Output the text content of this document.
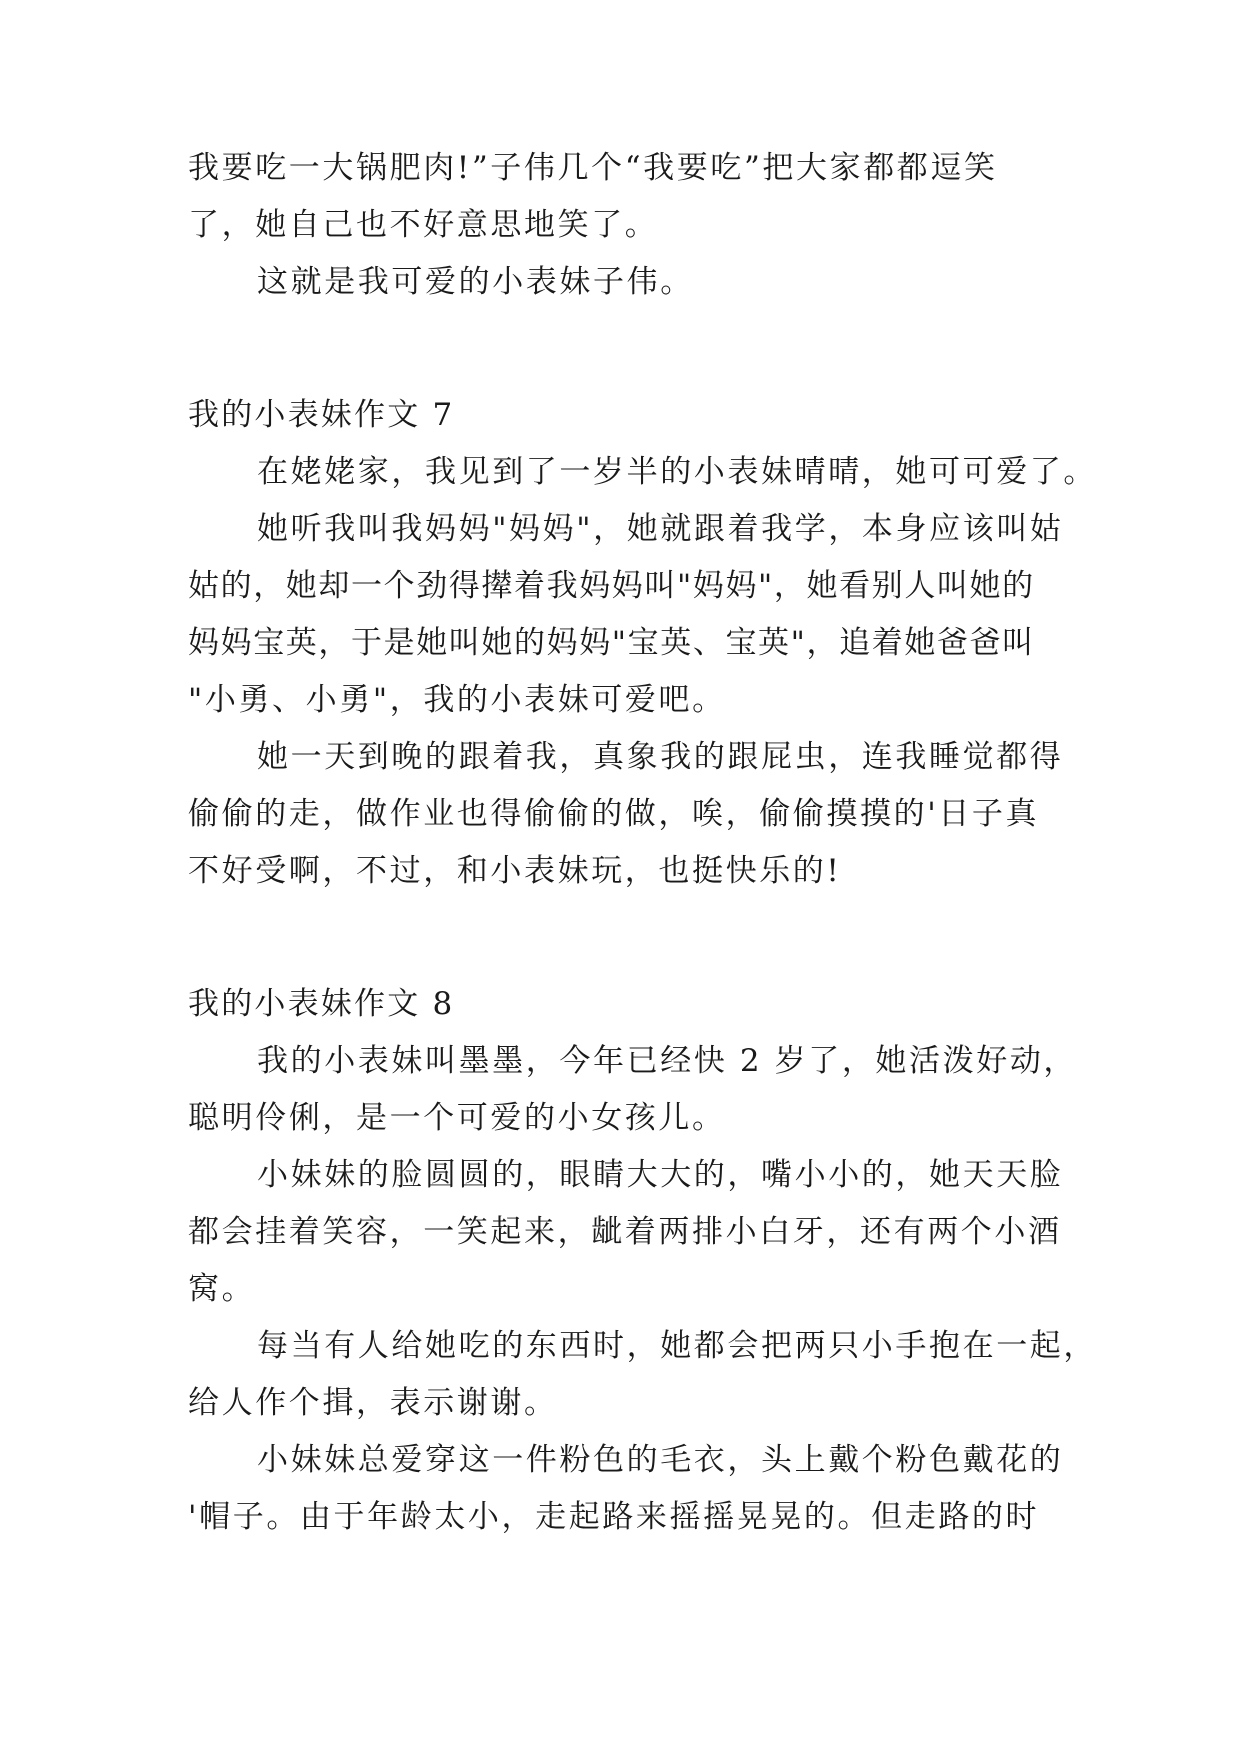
我要吃一大锅肥肉!”子伟几个“我要吃”把大家都都逗笑
了，她自己也不好意思地笑了。
这就是我可爱的小表妹子伟。
我的小表妹作文 7
在姥姥家，我见到了一岁半的小表妹晴晴，她可可爱了。
她听我叫我妈妈"妈妈"，她就跟着我学，本身应该叫姑
姑的，她却一个劲得撵着我妈妈叫"妈妈"，她看别人叫她的
妈妈宝英，于是她叫她的妈妈"宝英、宝英"，追着她爸爸叫
"小勇、小勇"，我的小表妹可爱吧。
她一天到晚的跟着我，真象我的跟屁虫，连我睡觉都得
偷偷的走，做作业也得偷偷的做，唉，偷偷摸摸的'日子真
不好受啊，不过，和小表妹玩，也挺快乐的!
我的小表妹作文 8
我的小表妹叫墨墨，今年已经快 2 岁了，她活泼好动，
聪明伶俐，是一个可爱的小女孩儿。
小妹妹的脸圆圆的，眼睛大大的，嘴小小的，她天天脸
都会挂着笑容，一笑起来，龇着两排小白牙，还有两个小酒
窝。
每当有人给她吃的东西时，她都会把两只小手抱在一起，
给人作个揖，表示谢谢。
小妹妹总爱穿这一件粉色的毛衣，头上戴个粉色戴花的
'帽子。由于年龄太小，走起路来摇摇晃晃的。但走路的时
